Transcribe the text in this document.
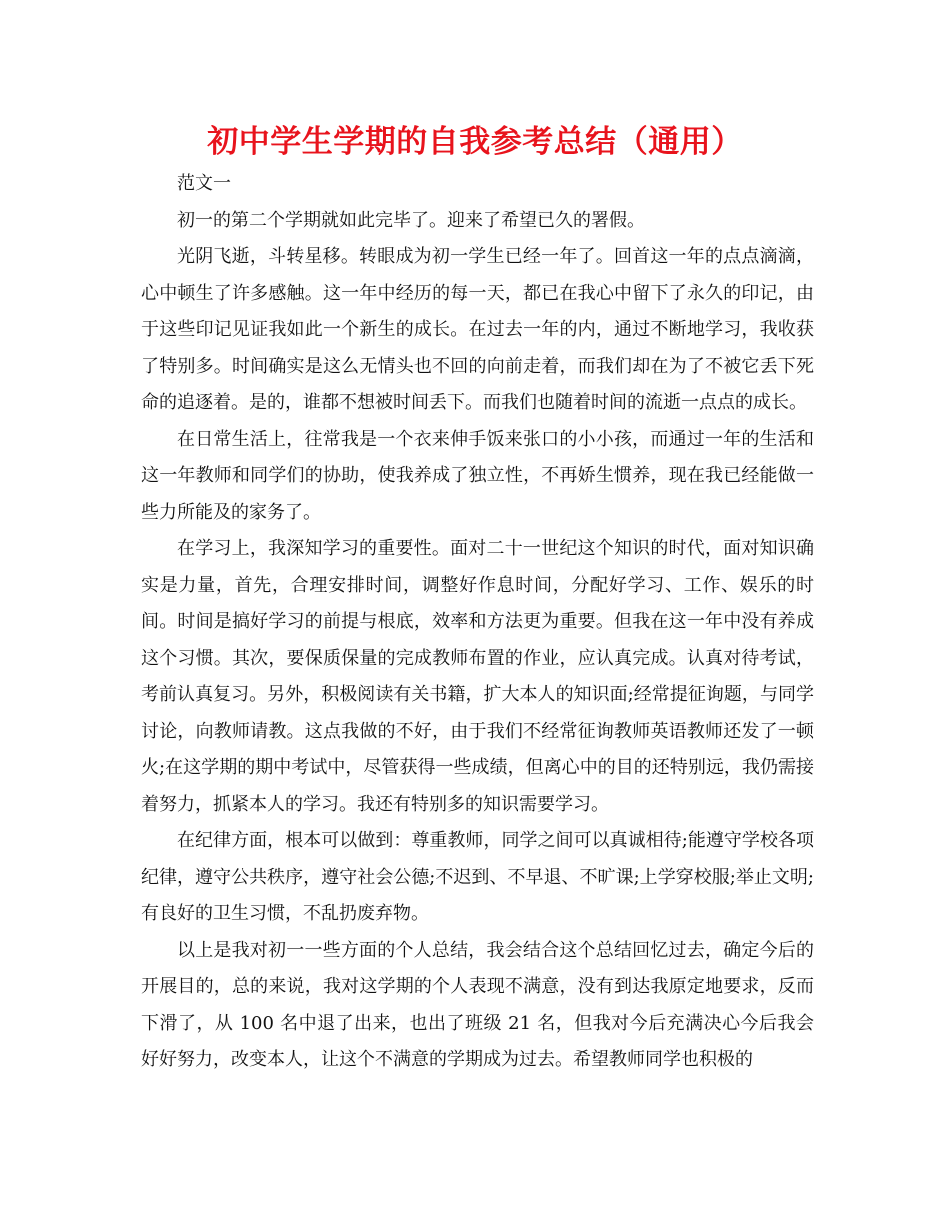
初中学生学期的自我参考总结（通用）

范文一

初一的第二个学期就如此完毕了。迎来了希望已久的署假。

光阴飞逝，斗转星移。转眼成为初一学生已经一年了。回首这一年的点点滴滴，心中顿生了许多感触。这一年中经历的每一天，都已在我心中留下了永久的印记，由于这些印记见证我如此一个新生的成长。在过去一年的内，通过不断地学习，我收获了特别多。时间确实是这么无情头也不回的向前走着，而我们却在为了不被它丢下死命的追逐着。是的，谁都不想被时间丢下。而我们也随着时间的流逝一点点的成长。

在日常生活上，往常我是一个衣来伸手饭来张口的小小孩，而通过一年的生活和这一年教师和同学们的协助，使我养成了独立性，不再娇生惯养，现在我已经能做一些力所能及的家务了。

在学习上，我深知学习的重要性。面对二十一世纪这个知识的时代，面对知识确实是力量，首先，合理安排时间，调整好作息时间，分配好学习、工作、娱乐的时间。时间是搞好学习的前提与根底，效率和方法更为重要。但我在这一年中没有养成这个习惯。其次，要保质保量的完成教师布置的作业，应认真完成。认真对待考试，考前认真复习。另外，积极阅读有关书籍，扩大本人的知识面;经常提征询题，与同学讨论，向教师请教。这点我做的不好，由于我们不经常征询教师英语教师还发了一顿火;在这学期的期中考试中，尽管获得一些成绩，但离心中的目的还特别远，我仍需接着努力，抓紧本人的学习。我还有特别多的知识需要学习。

在纪律方面，根本可以做到：尊重教师，同学之间可以真诚相待;能遵守学校各项纪律，遵守公共秩序，遵守社会公德;不迟到、不早退、不旷课;上学穿校服;举止文明;有良好的卫生习惯，不乱扔废弃物。

以上是我对初一一些方面的个人总结，我会结合这个总结回忆过去，确定今后的开展目的，总的来说，我对这学期的个人表现不满意，没有到达我原定地要求，反而下滑了，从 100 名中退了出来，也出了班级 21 名，但我对今后充满决心今后我会好好努力，改变本人，让这个不满意的学期成为过去。希望教师同学也积极的
